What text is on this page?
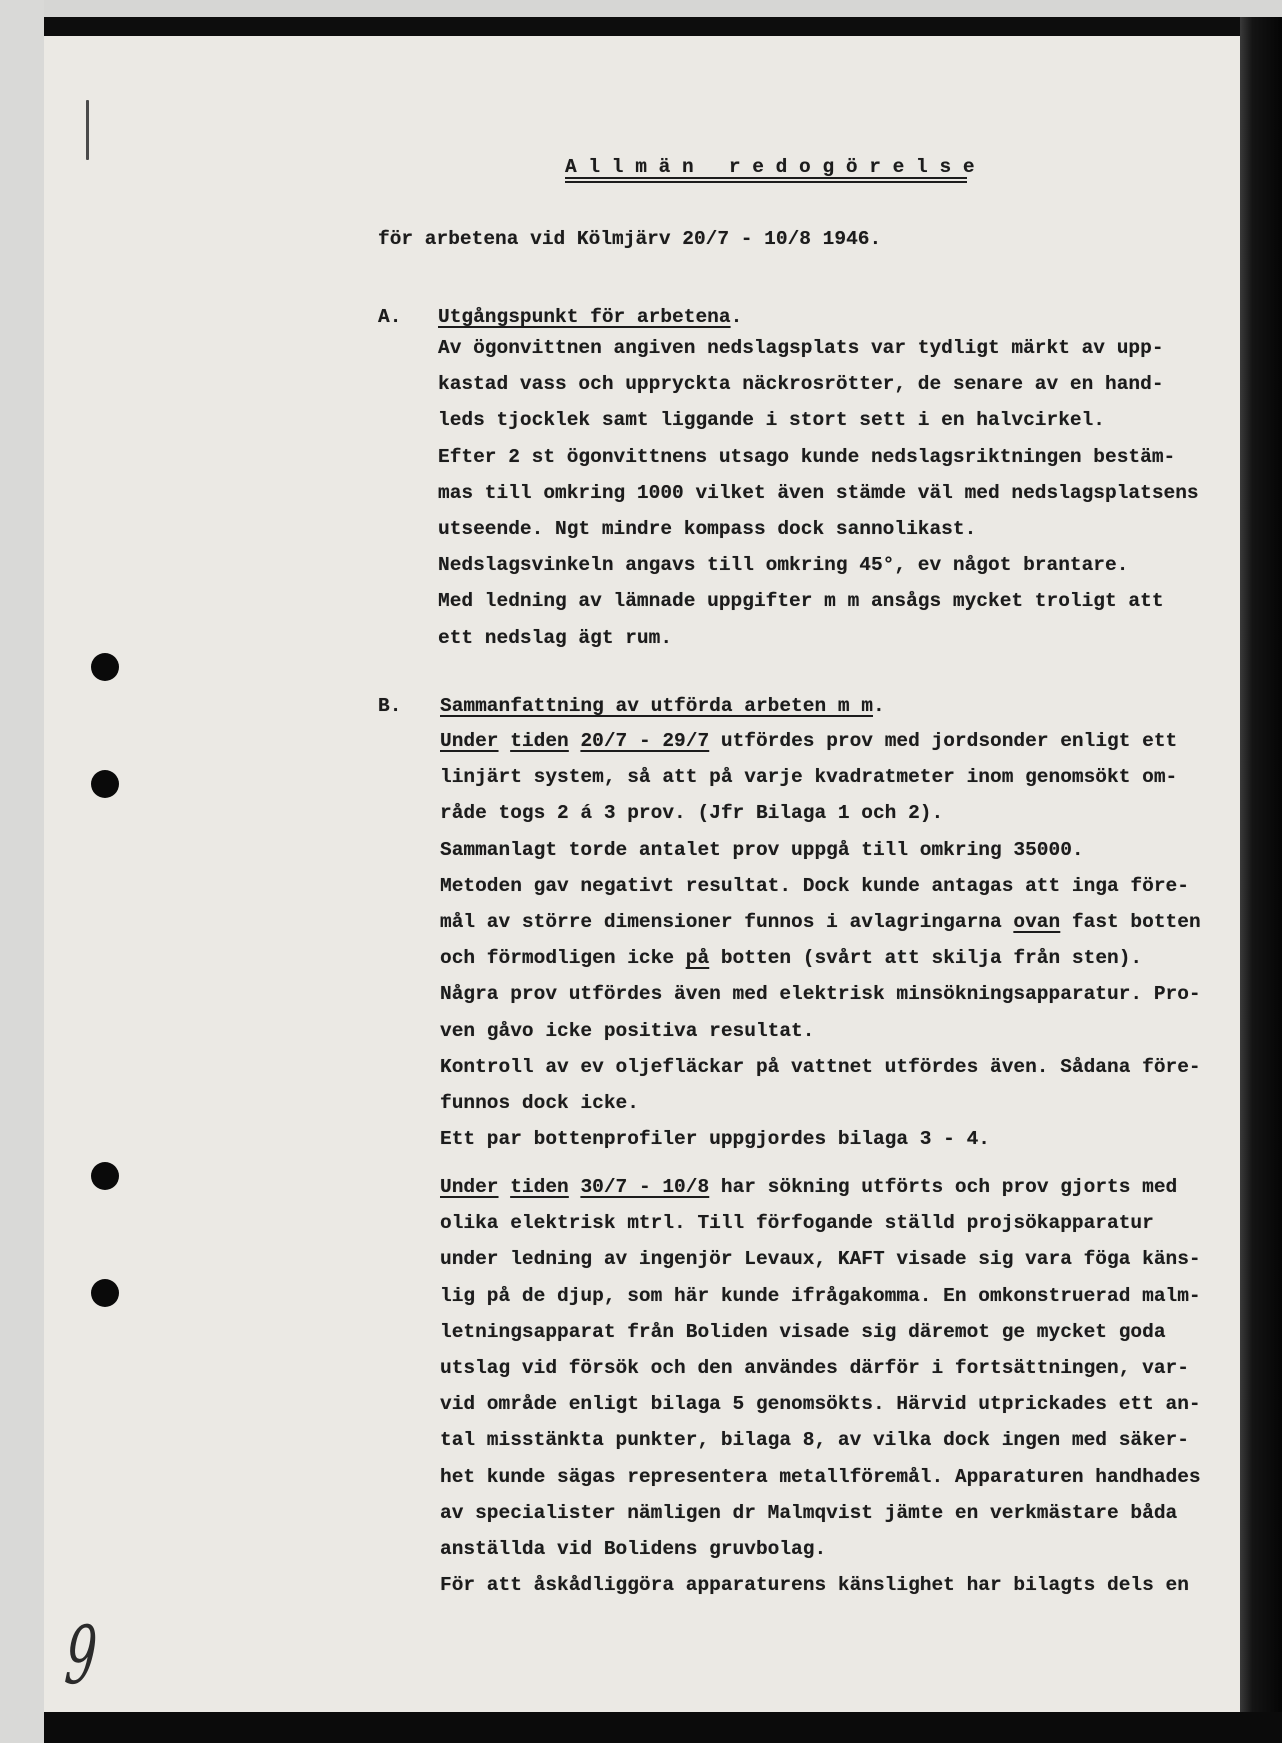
A l l m ä n   r e d o g ö r e l s e
för arbetena vid Kölmjärv 20/7 - 10/8 1946.
A. Utgångspunkt för arbetena.
Av ögonvittnen angiven nedslagsplats var tydligt märkt av upp-
kastad vass och uppryckta näckrosrötter, de senare av en hand-
leds tjocklek samt liggande i stort sett i en halvcirkel.
Efter 2 st ögonvittnens utsago kunde nedslagsriktningen bestäm-
mas till omkring 1000 vilket även stämde väl med nedslagsplatsens
utseende. Ngt mindre kompass dock sannolikast.
Nedslagsvinkeln angavs till omkring 45°, ev något brantare.
Med ledning av lämnade uppgifter m m ansågs mycket troligt att
ett nedslag ägt rum.
B. Sammanfattning av utförda arbeten m m.
Under tiden 20/7 - 29/7 utfördes prov med jordsonder enligt ett
linjärt system, så att på varje kvadratmeter inom genomsökt om-
råde togs 2 á 3 prov. (Jfr Bilaga 1 och 2).
Sammanlagt torde antalet prov uppgå till omkring 35000.
Metoden gav negativt resultat. Dock kunde antagas att inga före-
mål av större dimensioner funnos i avlagringarna ovan fast botten
och förmodligen icke på botten (svårt att skilja från sten).
Några prov utfördes även med elektrisk minsökningsapparatur. Pro-
ven gåvo icke positiva resultat.
Kontroll av ev oljefläckar på vattnet utfördes även. Sådana före-
funnos dock icke.
Ett par bottenprofiler uppgjordes bilaga 3 - 4.
Under tiden 30/7 - 10/8 har sökning utförts och prov gjorts med
olika elektrisk mtrl. Till förfogande ställd projsökapparatur
under ledning av ingenjör Levaux, KAFT visade sig vara föga käns-
lig på de djup, som här kunde ifrågakomma. En omkonstruerad malm-
letningsapparat från Boliden visade sig däremot ge mycket goda
utslag vid försök och den användes därför i fortsättningen, var-
vid område enligt bilaga 5 genomsökts. Härvid utprickades ett an-
tal misstänkta punkter, bilaga 8, av vilka dock ingen med säker-
het kunde sägas representera metallföremål. Apparaturen handhades
av specialister nämligen dr Malmqvist jämte en verkmästare båda
anställda vid Bolidens gruvbolag.
För att åskådliggöra apparaturens känslighet har bilagts dels en
9
